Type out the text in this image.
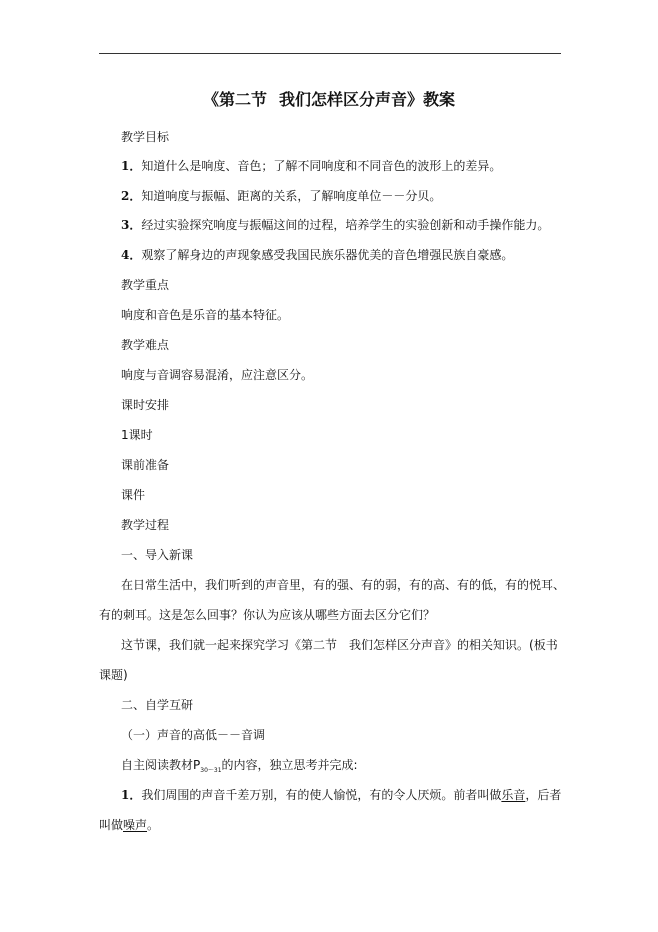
《第二节 我们怎样区分声音》教案
教学目标
1．知道什么是响度、音色；了解不同响度和不同音色的波形上的差异。
2．知道响度与振幅、距离的关系，了解响度单位－－分贝。
3．经过实验探究响度与振幅这间的过程，培养学生的实验创新和动手操作能力。
4．观察了解身边的声现象感受我国民族乐器优美的音色增强民族自豪感。
教学重点
响度和音色是乐音的基本特征。
教学难点
响度与音调容易混淆，应注意区分。
课时安排
1课时
课前准备
课件
教学过程
一、导入新课
在日常生活中，我们听到的声音里，有的强、有的弱，有的高、有的低，有的悦耳、
有的刺耳。这是怎么回事？你认为应该从哪些方面去区分它们？
这节课，我们就一起来探究学习《第二节 我们怎样区分声音》的相关知识。(板书
课题)
二、自学互研
（一）声音的高低－－音调
自主阅读教材$P_{30\sim 31}$的内容，独立思考并完成:
1．我们周围的声音千差万别，有的使人愉悦，有的令人厌烦。前者叫做乐音，后者
叫做噪声。
